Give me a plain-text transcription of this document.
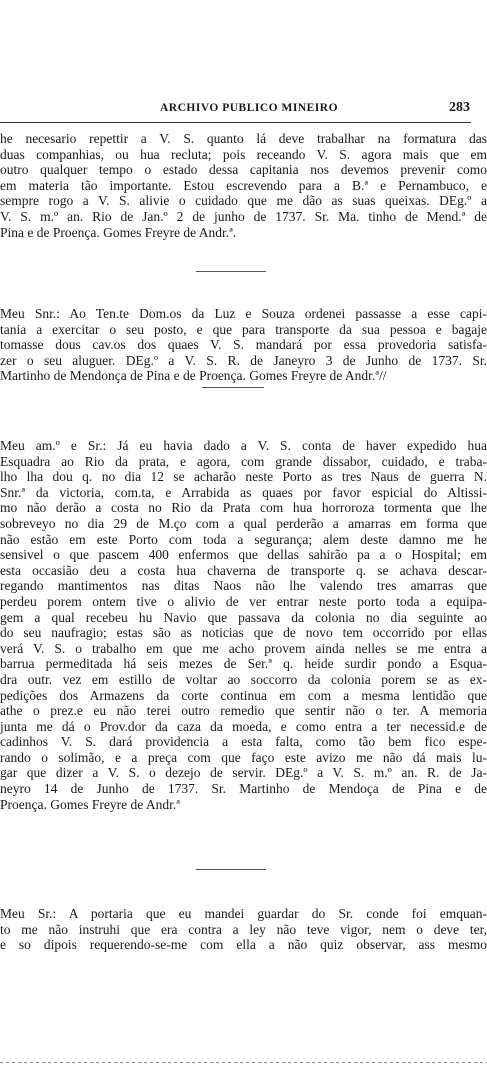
ARCHIVO PUBLICO MINEIRO	283
he necesario repettir a V. S. quanto lá deve trabalhar na formatura das
duas companhias, ou hua recluta; pois receando V. S. agora mais que em
outro qualquer tempo o estado dessa capitania nos devemos prevenir como
em materia tão importante. Estou escrevendo para a B.ª e Pernambuco, e
sempre rogo a V. S. alivie o cuidado que me dão as suas queixas. DEg.º a
V. S. m.º an. Rio de Jan.º 2 de junho de 1737. Sr. Ma. tinho de Mend.ª de
Pina e de Proença. Gomes Freyre de Andr.ª.
Meu Snr.: Ao Ten.te Dom.os da Luz e Souza ordenei passasse a esse capi-
tania a exercitar o seu posto, e que para transporte da sua pessoa e bagaje
tomasse dous cav.os dos quaes V. S. mandará por essa provedoria satisfa-
zer o seu aluguer. DEg.º a V. S. R. de Janeyro 3 de Junho de 1737. Sr.
Martinho de Mendonça de Pina e de Proença. Gomes Freyre de Andr.ª//
Meu am.º e Sr.: Já eu havia dado a V. S. conta de haver expedido hua
Esquadra ao Rio da prata, e agora, com grande dissabor, cuidado, e traba-
lho lha dou q. no dia 12 se acharão neste Porto as tres Naus de guerra N.
Snr.ª da victoria, com.ta, e Arrabida as quaes por favor espicial do Altissi-
mo não derão a costa no Rio da Prata com hua horroroza tormenta que lhe
sobreveyo no dia 29 de M.ço com a qual perderão a amarras em forma que
não estão em este Porto com toda a segurança; alem deste damno me he
sensivel o que pascem 400 enfermos que dellas sahirão pa a o Hospital; em
esta occasião deu a costa hua chaverna de transporte q. se achava descar-
regando mantimentos nas ditas Naos não lhe valendo tres amarras que
perdeu porem ontem tive o alivio de ver entrar neste porto toda a equipa-
gem a qual recebeu hu Navio que passava da colonia no dia seguinte ao
do seu naufragio; estas são as noticias que de novo tem occorrido por ellas
verá V. S. o trabalho em que me acho provem ainda nelles se me entra a
barrua permeditada há seis mezes de Ser.ª q. heide surdir pondo a Esqua-
dra outr. vez em estillo de voltar ao soccorro da colonia porem se as ex-
pedições dos Armazens da corte continua em com a mesma lentidão que
athe o prez.e eu não terei outro remedio que sentir não o ter. A memoria
junta me dá o Prov.dor da caza da moeda, e como entra a ter necessid.e de
cadinhos V. S. dará providencia a esta falta, como tão bem fico espe-
rando o solimão, e a preça com que faço este avizo me não dá mais lu-
gar que dizer a V. S. o dezejo de servir. DEg.º a V. S. m.º an. R. de Ja-
neyro 14 de Junho de 1737. Sr. Martinho de Mendoça de Pina e de
Proença. Gomes Freyre de Andr.ª
Meu Sr.: A portaria que eu mandei guardar do Sr. conde foi emquan-
to me não instruhi que era contra a ley não teve vigor, nem o deve ter,
e so dipois requerendo-se-me com ella a não quiz observar, ass mesmo
